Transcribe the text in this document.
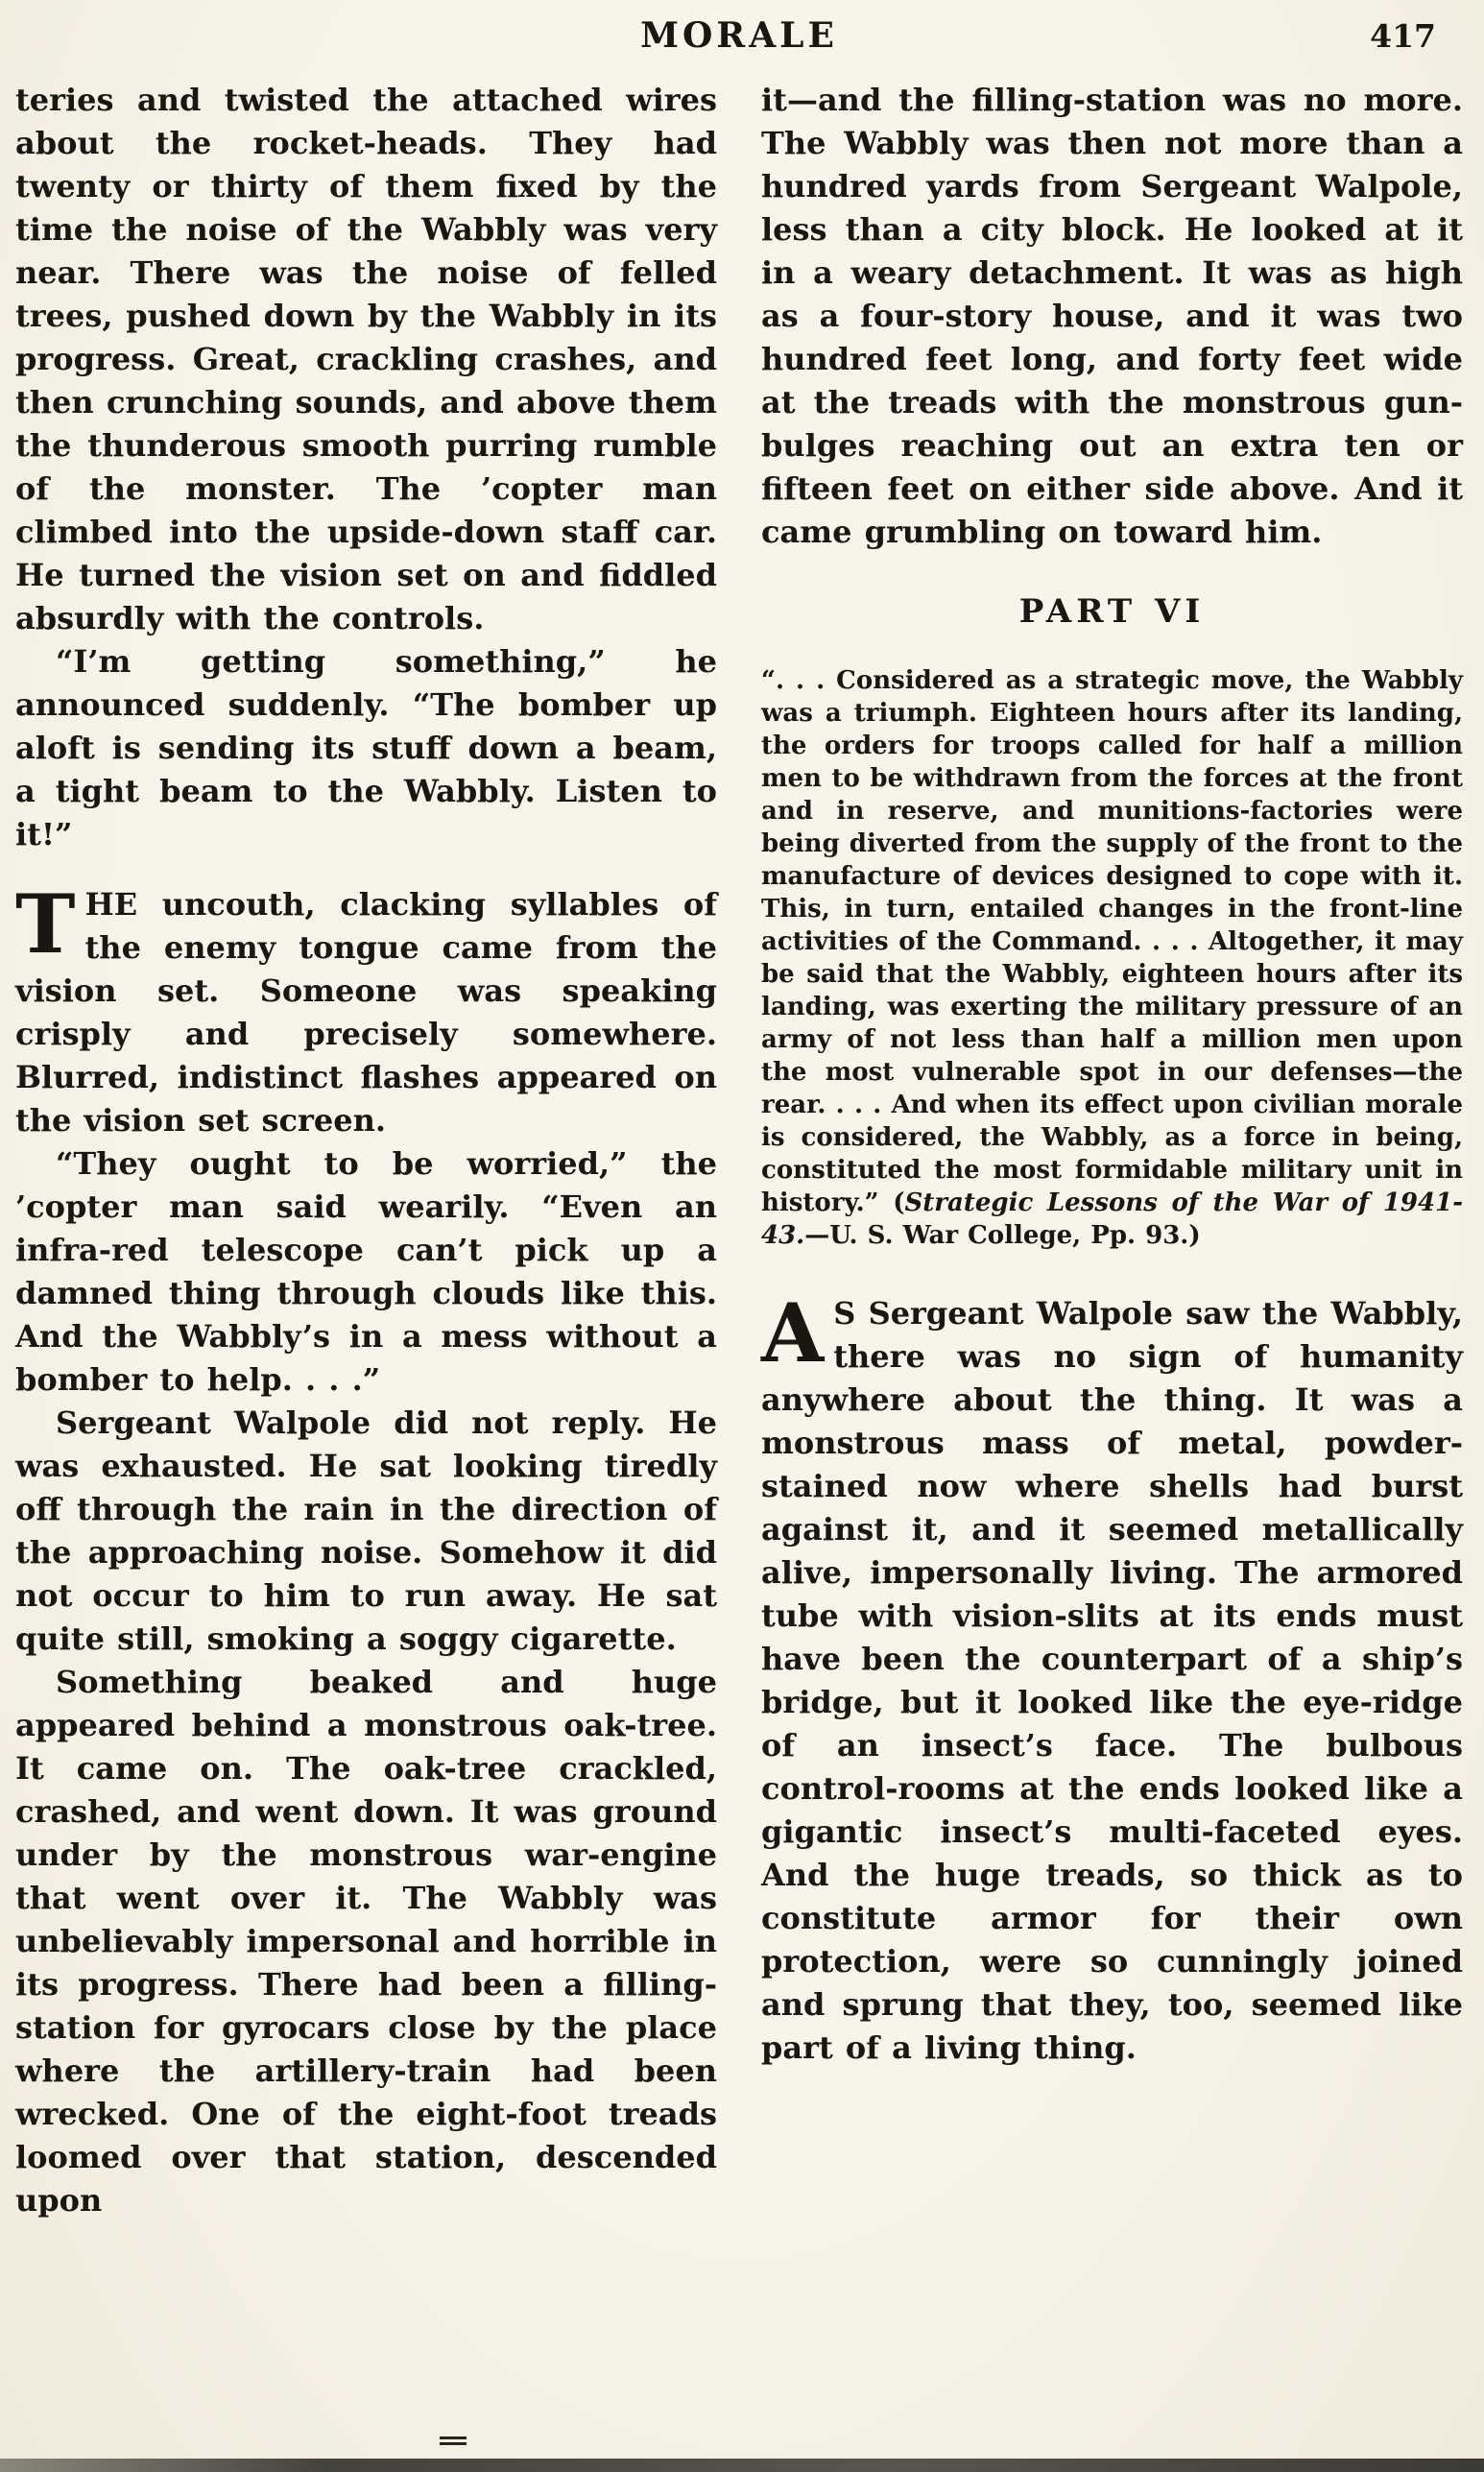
MORALE	417

teries and twisted the attached wires about the rocket-heads. They had twenty or thirty of them fixed by the time the noise of the Wabbly was very near. There was the noise of felled trees, pushed down by the Wabbly in its progress. Great, crackling crashes, and then crunching sounds, and above them the thunderous smooth purring rumble of the monster. The ’copter man climbed into the upside-down staff car. He turned the vision set on and fiddled absurdly with the controls.

“I’m getting something,” he announced suddenly. “The bomber up aloft is sending its stuff down a beam, a tight beam to the Wabbly. Listen to it!”

THE uncouth, clacking syllables of the enemy tongue came from the vision set. Someone was speaking crisply and precisely somewhere. Blurred, indistinct flashes appeared on the vision set screen.

“They ought to be worried,” the ’copter man said wearily. “Even an infra-red telescope can’t pick up a damned thing through clouds like this. And the Wabbly’s in a mess without a bomber to help. . . .”

Sergeant Walpole did not reply. He was exhausted. He sat looking tiredly off through the rain in the direction of the approaching noise. Somehow it did not occur to him to run away. He sat quite still, smoking a soggy cigarette.

Something beaked and huge appeared behind a monstrous oak-tree. It came on. The oak-tree crackled, crashed, and went down. It was ground under by the monstrous war-engine that went over it. The Wabbly was unbelievably impersonal and horrible in its progress. There had been a filling-station for gyrocars close by the place where the artillery-train had been wrecked. One of the eight-foot treads loomed over that station, descended upon

it—and the filling-station was no more. The Wabbly was then not more than a hundred yards from Sergeant Walpole, less than a city block. He looked at it in a weary detachment. It was as high as a four-story house, and it was two hundred feet long, and forty feet wide at the treads with the monstrous gun-bulges reaching out an extra ten or fifteen feet on either side above. And it came grumbling on toward him.

PART VI

“. . . Considered as a strategic move, the Wabbly was a triumph. Eighteen hours after its landing, the orders for troops called for half a million men to be withdrawn from the forces at the front and in reserve, and munitions-factories were being diverted from the supply of the front to the manufacture of devices designed to cope with it. This, in turn, entailed changes in the front-line activities of the Command. . . . Altogether, it may be said that the Wabbly, eighteen hours after its landing, was exerting the military pressure of an army of not less than half a million men upon the most vulnerable spot in our defenses—the rear. . . . And when its effect upon civilian morale is considered, the Wabbly, as a force in being, constituted the most formidable military unit in history.” (Strategic Lessons of the War of 1941-43.—U. S. War College, Pp. 93.)

A S Sergeant Walpole saw the Wabbly, there was no sign of humanity anywhere about the thing. It was a monstrous mass of metal, powder-stained now where shells had burst against it, and it seemed metallically alive, impersonally living. The armored tube with vision-slits at its ends must have been the counterpart of a ship’s bridge, but it looked like the eye-ridge of an insect’s face. The bulbous control-rooms at the ends looked like a gigantic insect’s multi-faceted eyes. And the huge treads, so thick as to constitute armor for their own protection, were so cunningly joined and sprung that they, too, seemed like part of a living thing.
